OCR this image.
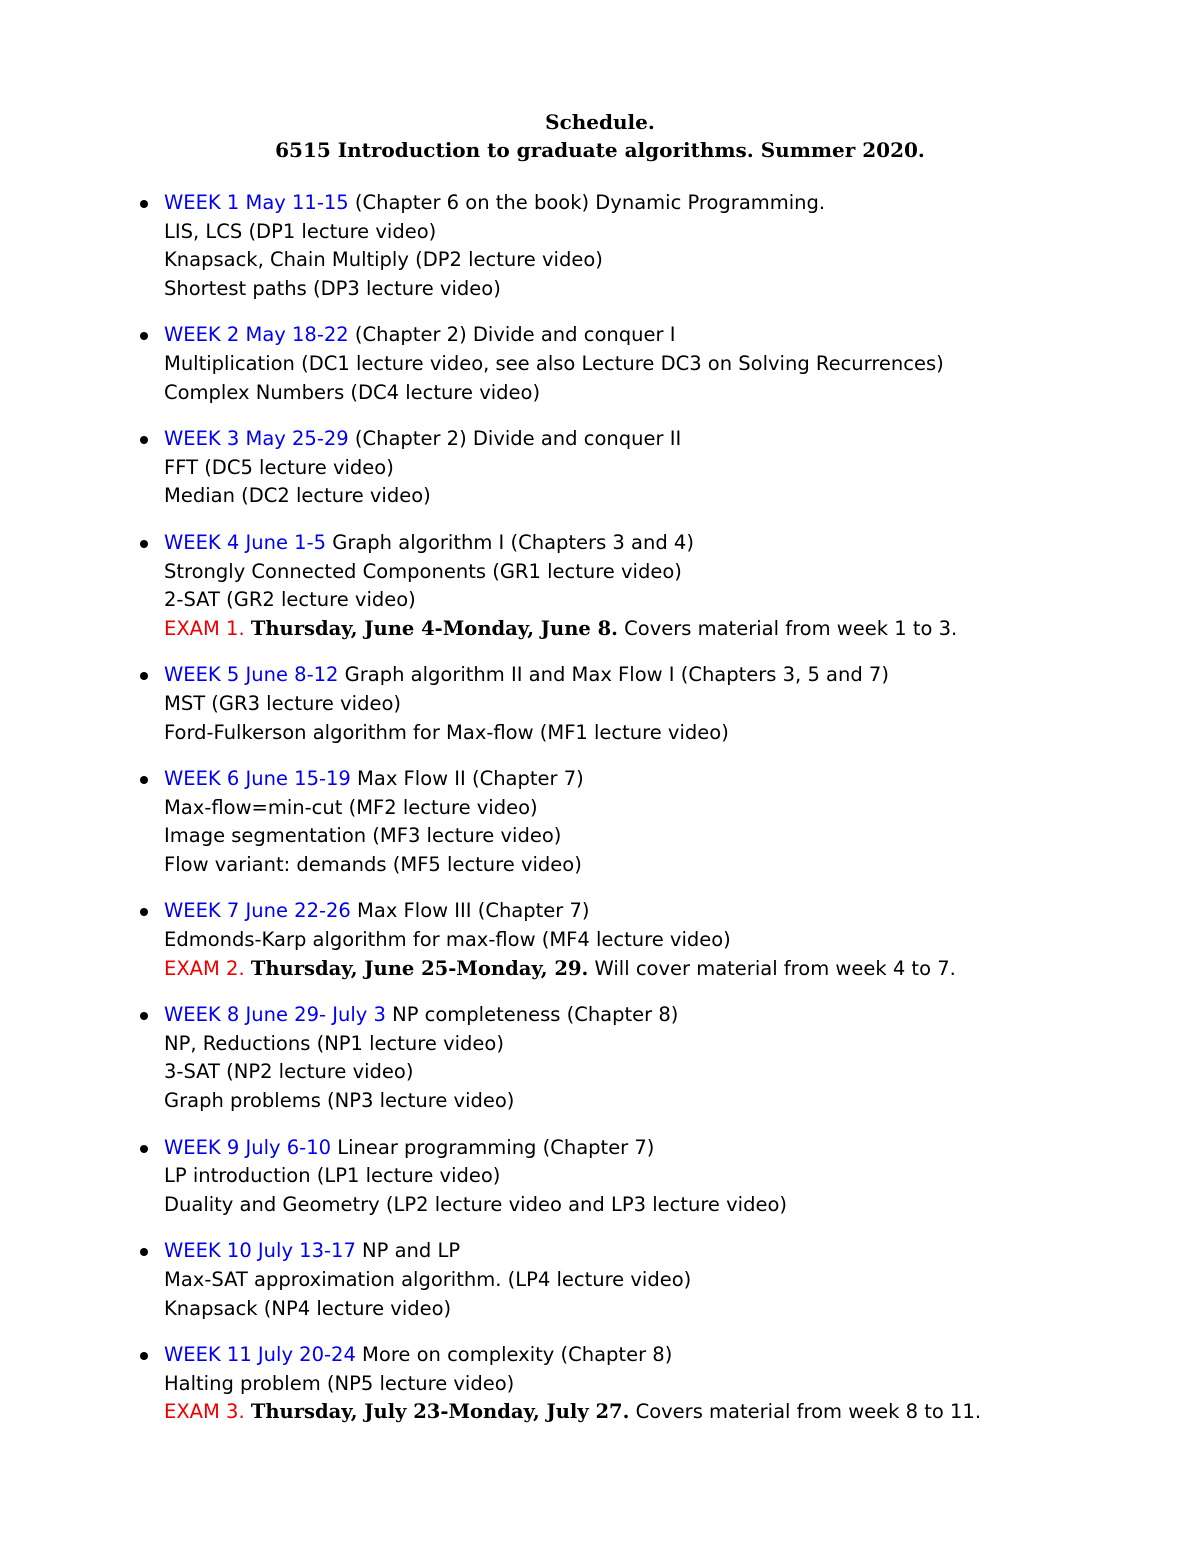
Schedule.
6515 Introduction to graduate algorithms. Summer 2020.
WEEK 1 May 11-15 (Chapter 6 on the book) Dynamic Programming.
LIS, LCS (DP1 lecture video)
Knapsack, Chain Multiply (DP2 lecture video)
Shortest paths (DP3 lecture video)
WEEK 2 May 18-22 (Chapter 2) Divide and conquer I
Multiplication (DC1 lecture video, see also Lecture DC3 on Solving Recurrences)
Complex Numbers (DC4 lecture video)
WEEK 3 May 25-29 (Chapter 2) Divide and conquer II
FFT (DC5 lecture video)
Median (DC2 lecture video)
WEEK 4 June 1-5 Graph algorithm I (Chapters 3 and 4)
Strongly Connected Components (GR1 lecture video)
2-SAT (GR2 lecture video)
EXAM 1. Thursday, June 4-Monday, June 8. Covers material from week 1 to 3.
WEEK 5 June 8-12 Graph algorithm II and Max Flow I (Chapters 3, 5 and 7)
MST (GR3 lecture video)
Ford-Fulkerson algorithm for Max-flow (MF1 lecture video)
WEEK 6 June 15-19 Max Flow II (Chapter 7)
Max-flow=min-cut (MF2 lecture video)
Image segmentation (MF3 lecture video)
Flow variant: demands (MF5 lecture video)
WEEK 7 June 22-26 Max Flow III (Chapter 7)
Edmonds-Karp algorithm for max-flow (MF4 lecture video)
EXAM 2. Thursday, June 25-Monday, 29. Will cover material from week 4 to 7.
WEEK 8 June 29- July 3 NP completeness (Chapter 8)
NP, Reductions (NP1 lecture video)
3-SAT (NP2 lecture video)
Graph problems (NP3 lecture video)
WEEK 9 July 6-10 Linear programming (Chapter 7)
LP introduction (LP1 lecture video)
Duality and Geometry (LP2 lecture video and LP3 lecture video)
WEEK 10 July 13-17 NP and LP
Max-SAT approximation algorithm. (LP4 lecture video)
Knapsack (NP4 lecture video)
WEEK 11 July 20-24 More on complexity (Chapter 8)
Halting problem (NP5 lecture video)
EXAM 3. Thursday, July 23-Monday, July 27. Covers material from week 8 to 11.
